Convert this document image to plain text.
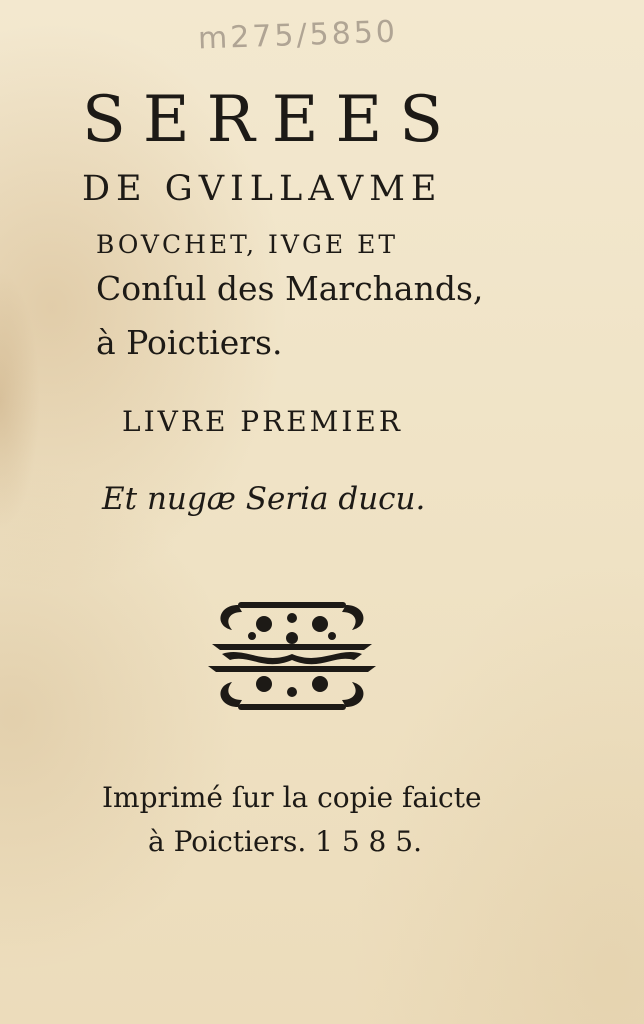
m275/5850
SEREES
DE GVILLAVME
BOVCHET, IVGE ET
Conſul des Marchands,
à Poictiers.
LIVRE PREMIER
Et nugæ Seria ducu.
Imprimé ſur la copie faicte
à Poictiers. 1 5 8 5.
